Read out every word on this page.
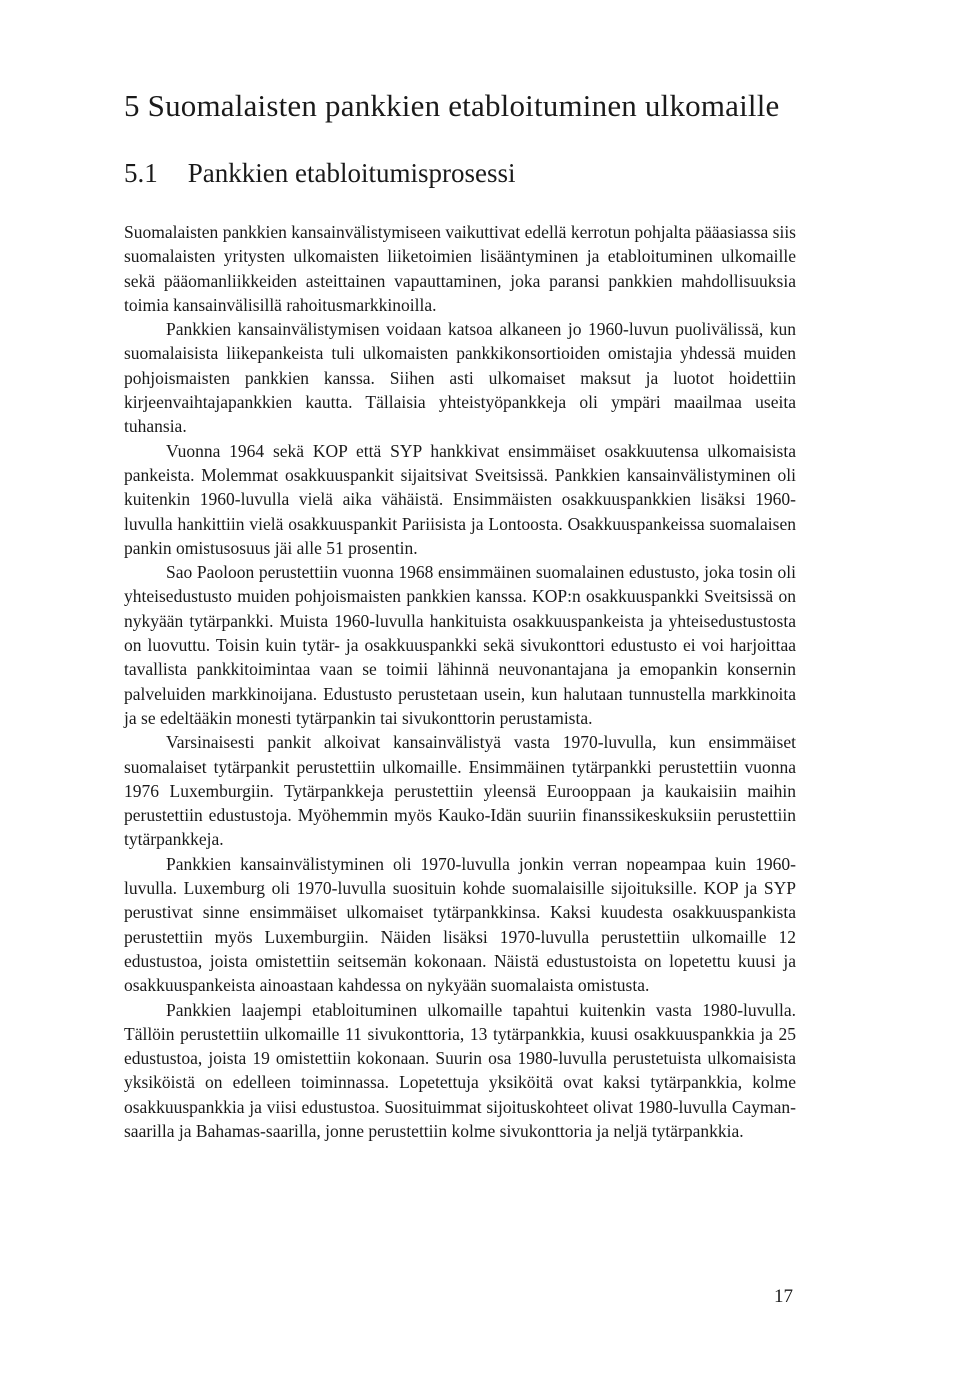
5 Suomalaisten pankkien etabloituminen ulkomaille
5.1 Pankkien etabloitumisprosessi

Suomalaisten pankkien kansainvälistymiseen vaikuttivat edellä kerrotun pohjalta pääasiassa siis suomalaisten yritysten ulkomaisten liiketoimien lisääntyminen ja etabloituminen ulkomaille sekä pääomanliikkeiden asteittainen vapauttaminen, joka paransi pankkien mahdollisuuksia toimia kansainvälisillä rahoitusmarkkinoilla.

Pankkien kansainvälistymisen voidaan katsoa alkaneen jo 1960-luvun puolivälissä, kun suomalaisista liikepankeista tuli ulkomaisten pankkikonsortioiden omistajia yhdessä muiden pohjoismaisten pankkien kanssa. Siihen asti ulkomaiset maksut ja luotot hoidettiin kirjeenvaihtajapankkien kautta. Tällaisia yhteistyöpankkeja oli ympäri maailmaa useita tuhansia.

Vuonna 1964 sekä KOP että SYP hankkivat ensimmäiset osakkuutensa ulkomaisista pankeista. Molemmat osakkuuspankit sijaitsivat Sveitsissä. Pankkien kansainvälistyminen oli kuitenkin 1960-luvulla vielä aika vähäistä. Ensimmäisten osakkuuspankkien lisäksi 1960-luvulla hankittiin vielä osakkuuspankit Pariisista ja Lontoosta. Osakkuuspankeissa suomalaisen pankin omistusosuus jäi alle 51 prosentin.

Sao Paoloon perustettiin vuonna 1968 ensimmäinen suomalainen edustusto, joka tosin oli yhteisedustusto muiden pohjoismaisten pankkien kanssa. KOP:n osakkuuspankki Sveitsissä on nykyään tytärpankki. Muista 1960-luvulla hankituista osakkuuspankeista ja yhteisedustustosta on luovuttu. Toisin kuin tytär- ja osakkuuspankki sekä sivukonttori edustusto ei voi harjoittaa tavallista pankkitoimintaa vaan se toimii lähinnä neuvonantajana ja emopankin konsernin palveluiden markkinoijana. Edustusto perustetaan usein, kun halutaan tunnustella markkinoita ja se edeltääkin monesti tytärpankin tai sivukonttorin perustamista.

Varsinaisesti pankit alkoivat kansainvälistyä vasta 1970-luvulla, kun ensimmäiset suomalaiset tytärpankit perustettiin ulkomaille. Ensimmäinen tytärpankki perustettiin vuonna 1976 Luxemburgiin. Tytärpankkeja perustettiin yleensä Eurooppaan ja kaukaisiin maihin perustettiin edustustoja. Myöhemmin myös Kauko-Idän suuriin finanssikeskuksiin perustettiin tytärpankkeja.

Pankkien kansainvälistyminen oli 1970-luvulla jonkin verran nopeampaa kuin 1960-luvulla. Luxemburg oli 1970-luvulla suosituin kohde suomalaisille sijoituksille. KOP ja SYP perustivat sinne ensimmäiset ulkomaiset tytärpankkinsa. Kaksi kuudesta osakkuuspankista perustettiin myös Luxemburgiin. Näiden lisäksi 1970-luvulla perustettiin ulkomaille 12 edustustoa, joista omistettiin seitsemän kokonaan. Näistä edustustoista on lopetettu kuusi ja osakkuuspankeista ainoastaan kahdessa on nykyään suomalaista omistusta.

Pankkien laajempi etabloituminen ulkomaille tapahtui kuitenkin vasta 1980-luvulla. Tällöin perustettiin ulkomaille 11 sivukonttoria, 13 tytärpankkia, kuusi osakkuuspankkia ja 25 edustustoa, joista 19 omistettiin kokonaan. Suurin osa 1980-luvulla perustetuista ulkomaisista yksiköistä on edelleen toiminnassa. Lopetettuja yksiköitä ovat kaksi tytärpankkia, kolme osakkuuspankkia ja viisi edustustoa. Suosituimmat sijoituskohteet olivat 1980-luvulla Cayman-saarilla ja Bahamas-saarilla, jonne perustettiin kolme sivukonttoria ja neljä tytärpankkia.

17
